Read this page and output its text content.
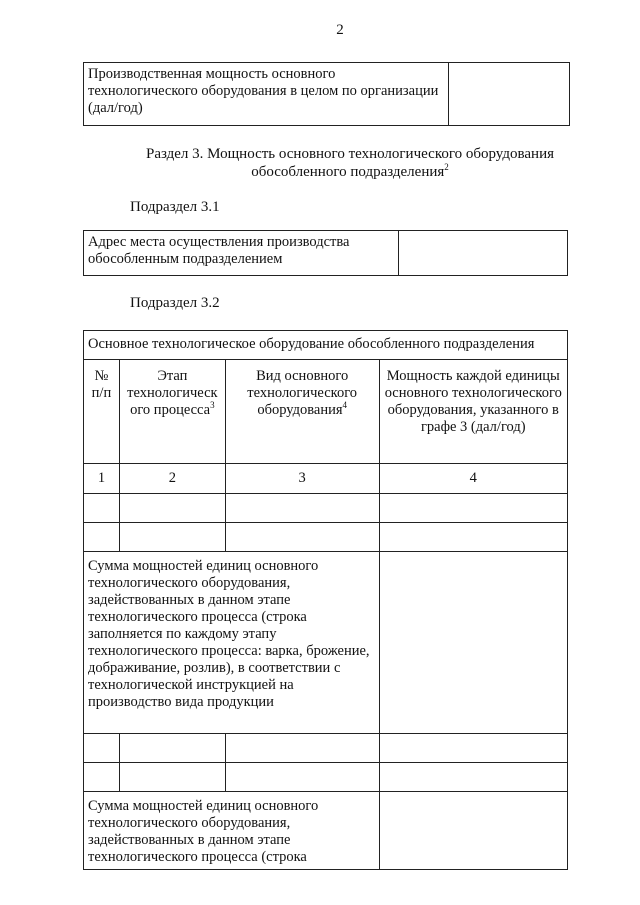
2
Производственная мощность основного технологического оборудования в целом по организации (дал/год)	
Раздел 3. Мощность основного технологического оборудования
обособленного подразделения$^2$
Подраздел 3.1
Адрес места осуществления производства обособленным подразделением	
Подраздел 3.2
Основное технологическое оборудование обособленного подразделения			
№ п/п	Этап технологическ ого процесса$^3$	Вид основного технологического оборудования$^4$	Мощность каждой единицы основного технологического оборудования, указанного в графе 3 (дал/год)
1	2	3	4

Сумма мощностей единиц основного технологического оборудования, задействованных в данном этапе технологического процесса (строка заполняется по каждому этапу технологического процесса: варка, брожение, дображивание, розлив), в соответствии с технологической инструкцией на производство вида продукции			

Сумма мощностей единиц основного технологического оборудования, задействованных в данном этапе технологического процесса (строка			
